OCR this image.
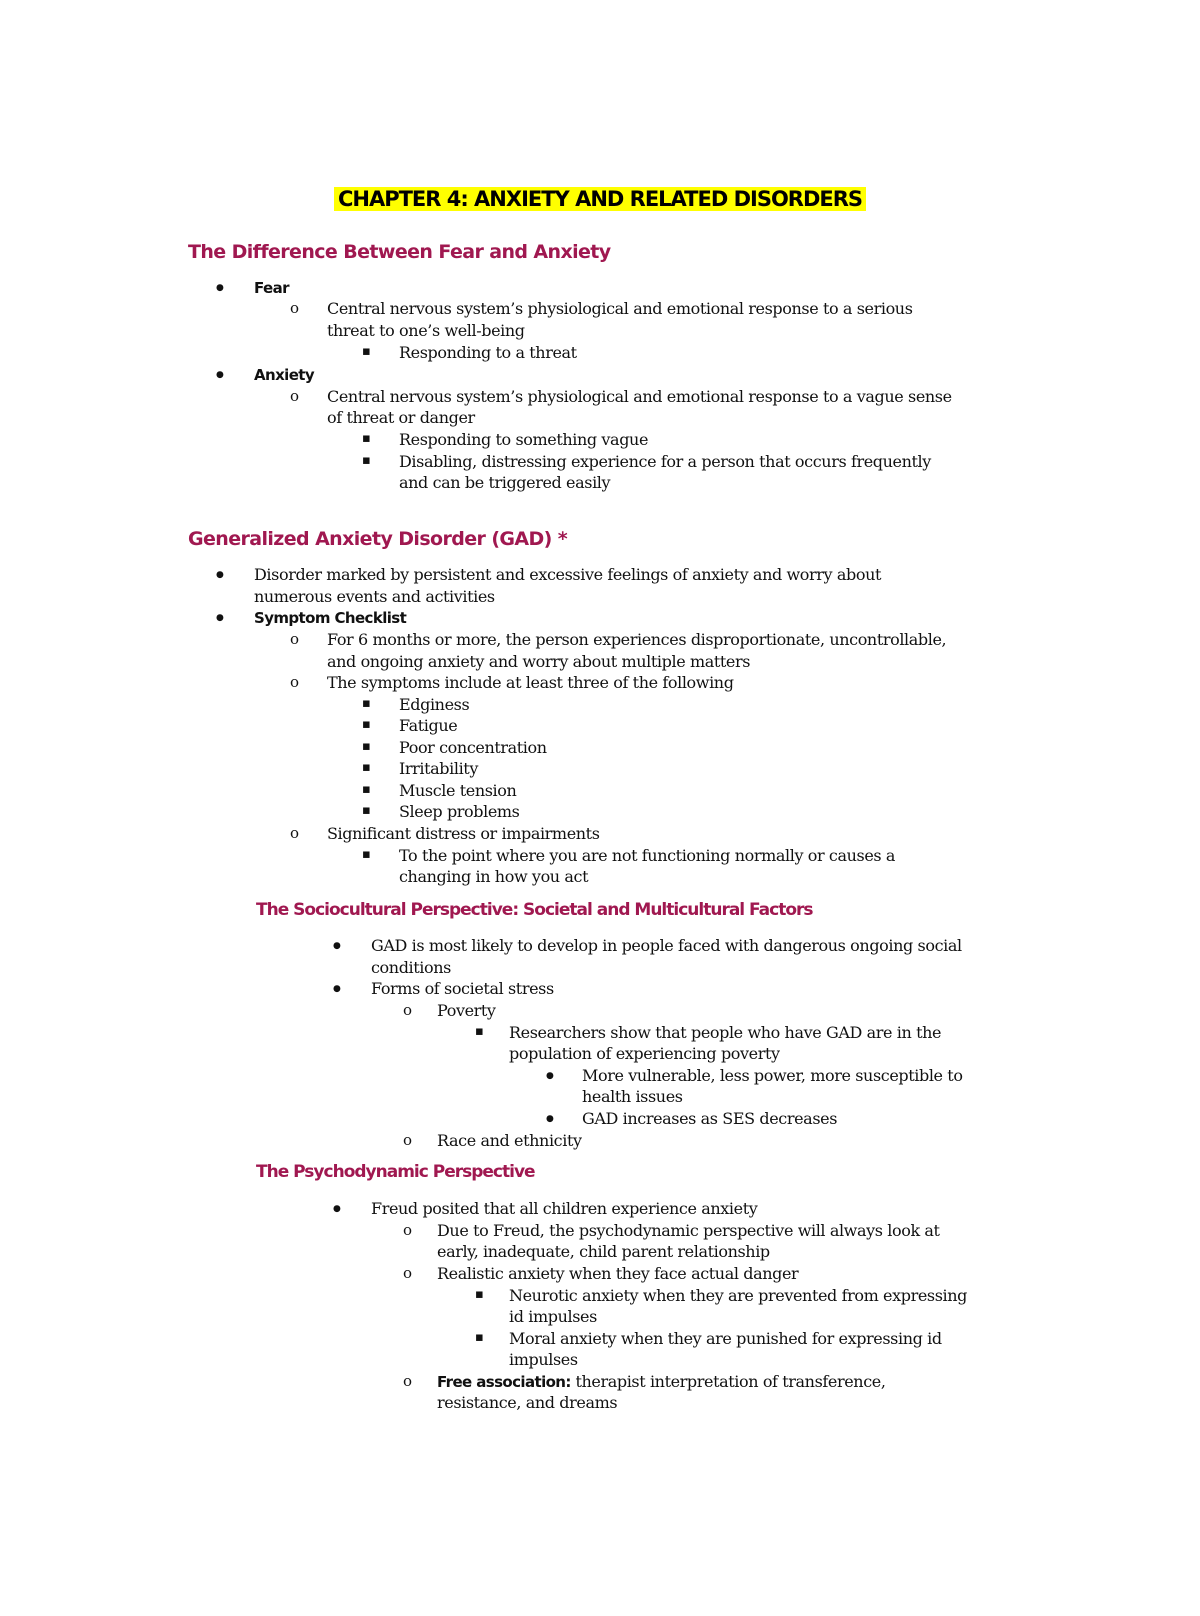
CHAPTER 4: ANXIETY AND RELATED DISORDERS
The Difference Between Fear and Anxiety
●
Fear
o
Central nervous system’s physiological and emotional response to a serious
threat to one’s well-being
▪
Responding to a threat
●
Anxiety
o
Central nervous system’s physiological and emotional response to a vague sense
of threat or danger
▪
Responding to something vague
▪
Disabling, distressing experience for a person that occurs frequently
and can be triggered easily
Generalized Anxiety Disorder (GAD) *
●
Disorder marked by persistent and excessive feelings of anxiety and worry about
numerous events and activities
●
Symptom Checklist
o
For 6 months or more, the person experiences disproportionate, uncontrollable,
and ongoing anxiety and worry about multiple matters
o
The symptoms include at least three of the following
▪
Edginess
▪
Fatigue
▪
Poor concentration
▪
Irritability
▪
Muscle tension
▪
Sleep problems
o
Significant distress or impairments
▪
To the point where you are not functioning normally or causes a
changing in how you act
The Sociocultural Perspective: Societal and Multicultural Factors
●
GAD is most likely to develop in people faced with dangerous ongoing social
conditions
●
Forms of societal stress
o
Poverty
▪
Researchers show that people who have GAD are in the
population of experiencing poverty
●
More vulnerable, less power, more susceptible to
health issues
●
GAD increases as SES decreases
o
Race and ethnicity
The Psychodynamic Perspective
●
Freud posited that all children experience anxiety
o
Due to Freud, the psychodynamic perspective will always look at
early, inadequate, child parent relationship
o
Realistic anxiety when they face actual danger
▪
Neurotic anxiety when they are prevented from expressing
id impulses
▪
Moral anxiety when they are punished for expressing id
impulses
o
Free association: therapist interpretation of transference,
resistance, and dreams
